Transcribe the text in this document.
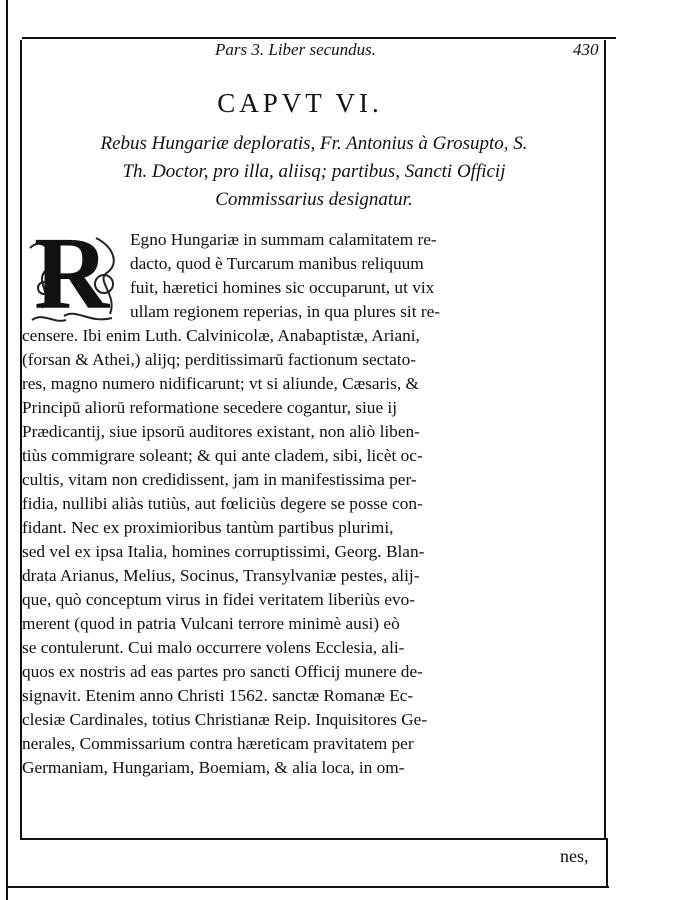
Pars 3. Liber secundus.	430
CAPVT VI.
Rebus Hungariæ deploratis, Fr. Antonius à Grosupto, S.
Th. Doctor, pro illa, aliisq; partibus, Sancti Officij
Commissarius designatur.
R	Egno Hungariæ in summam calamitatem re-
dacto, quod è Turcarum manibus reliquum
fuit, hæretici homines sic occuparunt, ut vix
ullam regionem reperias, in qua plures sit re-
censere. Ibi enim Luth. Calvinicolæ, Anabaptistæ, Ariani,
(forsan & Athei,) alijq; perditissimarū factionum sectato-
res, magno numero nidificarunt; vt si aliunde, Cæsaris, &
Principū aliorū reformatione secedere cogantur, siue ij
Prædicantij, siue ipsorū auditores existant, non aliò liben-
tiùs commigrare soleant; & qui ante cladem, sibi, licèt oc-
cultis, vitam non credidissent, jam in manifestissima per-
fidia, nullibi aliàs tutiùs, aut fœliciùs degere se posse con-
fidant. Nec ex proximioribus tantùm partibus plurimi,
sed vel ex ipsa Italia, homines corruptissimi, Georg. Blan-
drata Arianus, Melius, Socinus, Transylvaniæ pestes, alij-
que, quò conceptum virus in fidei veritatem liberiùs evo-
merent (quod in patria Vulcani terrore minimè ausi) eò
se contulerunt. Cui malo occurrere volens Ecclesia, ali-
quos ex nostris ad eas partes pro sancti Officij munere de-
signavit. Etenim anno Christi 1562. sanctæ Romanæ Ec-
clesiæ Cardinales, totius Christianæ Reip. Inquisitores Ge-
nerales, Commissarium contra hæreticam pravitatem per
Germaniam, Hungariam, Boemiam, & alia loca, in om-
nes,
